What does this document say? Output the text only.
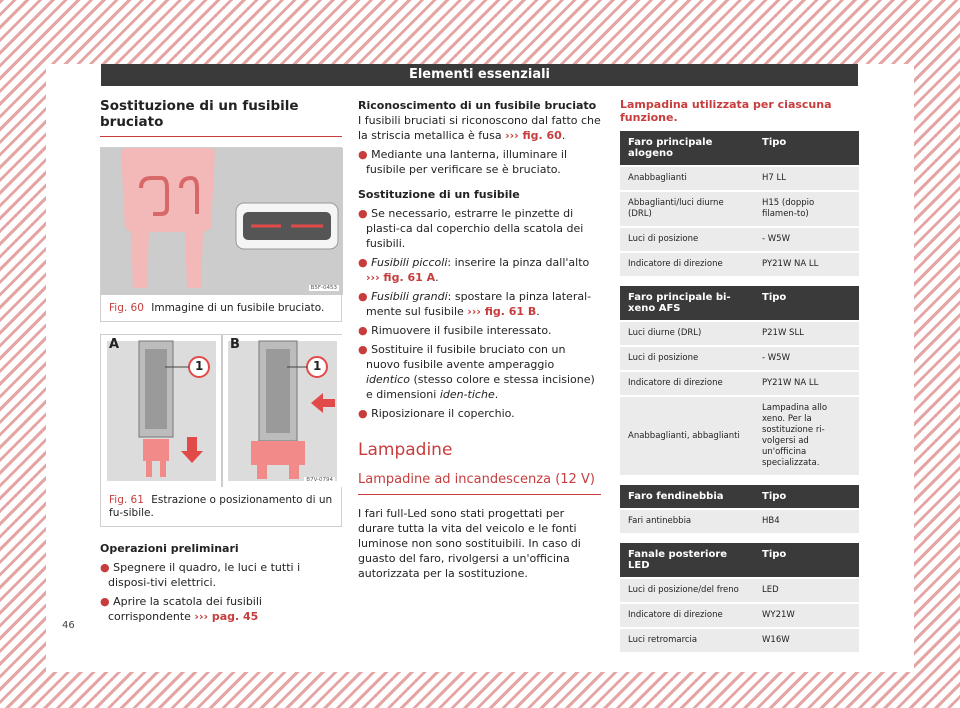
Elementi essenziali
Sostituzione di un fusibile bruciato
B5F-0453
Fig. 60 Immagine di un fusibile bruciato.
A	B
1	1
B7V-0794
Fig. 61 Estrazione o posizionamento di un fu-sibile.
Operazioni preliminari
● Spegnere il quadro, le luci e tutti i disposi-tivi elettrici.
● Aprire la scatola dei fusibili corrispondente ››› pag. 45
Riconoscimento di un fusibile bruciato
I fusibili bruciati si riconoscono dal fatto che la striscia metallica è fusa ››› fig. 60.
● Mediante una lanterna, illuminare il fusibile per verificare se è bruciato.
Sostituzione di un fusibile
● Se necessario, estrarre le pinzette di plasti-ca dal coperchio della scatola dei fusibili.
● Fusibili piccoli: inserire la pinza dall'alto ››› fig. 61 A.
● Fusibili grandi: spostare la pinza lateral-mente sul fusibile ››› fig. 61 B.
● Rimuovere il fusibile interessato.
● Sostituire il fusibile bruciato con un nuovo fusibile avente amperaggio identico (stesso colore e stessa incisione) e dimensioni iden-tiche.
● Riposizionare il coperchio.
Lampadine
Lampadine ad incandescenza (12 V)
I fari full-Led sono stati progettati per durare tutta la vita del veicolo e le fonti luminose non sono sostituibili. In caso di guasto del faro, rivolgersi a un'officina autorizzata per la sostituzione.
Lampadina utilizzata per ciascuna funzione.
Faro principale alogeno	Tipo
Anabbaglianti	H7 LL
Abbaglianti/luci diurne (DRL)	H15 (doppio filamen-to)
Luci di posizione	- W5W
Indicatore di direzione	PY21W NA LL
Faro principale bi-xeno AFS	Tipo
Luci diurne (DRL)	P21W SLL
Luci di posizione	- W5W
Indicatore di direzione	PY21W NA LL
Anabbaglianti, abbaglianti	Lampadina allo xeno. Per la sostituzione ri-volgersi ad un'officina specializzata.
Faro fendinebbia	Tipo
Fari antinebbia	HB4
Fanale posteriore LED	Tipo
Luci di posizione/del freno	LED
Indicatore di direzione	WY21W
Luci retromarcia	W16W
46
